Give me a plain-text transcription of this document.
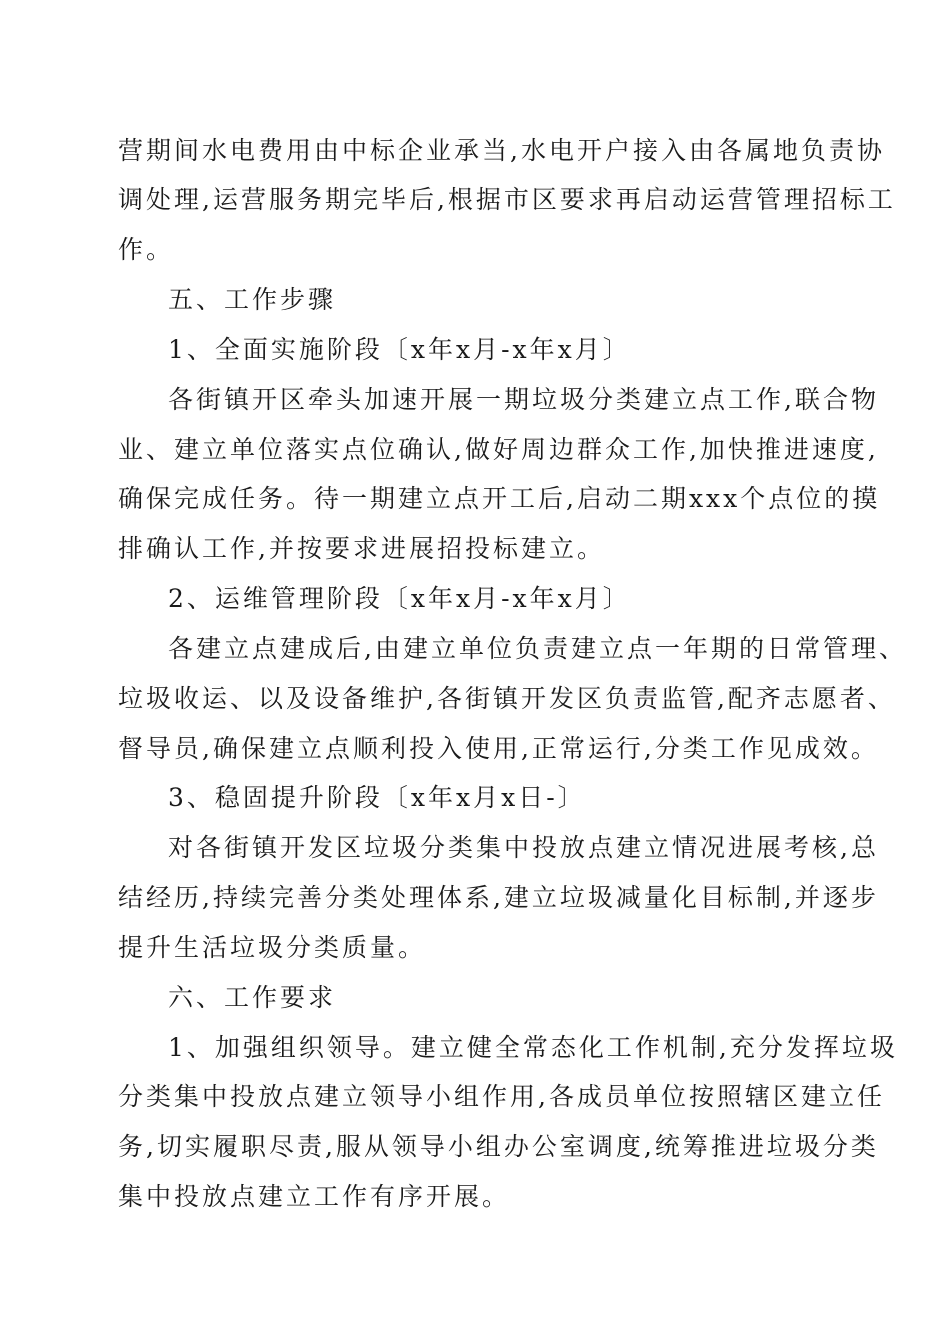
营期间水电费用由中标企业承当,水电开户接入由各属地负责协
调处理,运营服务期完毕后,根据市区要求再启动运营管理招标工
作。
五、工作步骤
1、全面实施阶段〔x年x月-x年x月〕
各街镇开区牵头加速开展一期垃圾分类建立点工作,联合物
业、建立单位落实点位确认,做好周边群众工作,加快推进速度,
确保完成任务。待一期建立点开工后,启动二期xxx个点位的摸
排确认工作,并按要求进展招投标建立。
2、运维管理阶段〔x年x月-x年x月〕
各建立点建成后,由建立单位负责建立点一年期的日常管理、
垃圾收运、以及设备维护,各街镇开发区负责监管,配齐志愿者、
督导员,确保建立点顺利投入使用,正常运行,分类工作见成效。
3、稳固提升阶段〔x年x月x日-〕
对各街镇开发区垃圾分类集中投放点建立情况进展考核,总
结经历,持续完善分类处理体系,建立垃圾减量化目标制,并逐步
提升生活垃圾分类质量。
六、工作要求
1、加强组织领导。建立健全常态化工作机制,充分发挥垃圾
分类集中投放点建立领导小组作用,各成员单位按照辖区建立任
务,切实履职尽责,服从领导小组办公室调度,统筹推进垃圾分类
集中投放点建立工作有序开展。
